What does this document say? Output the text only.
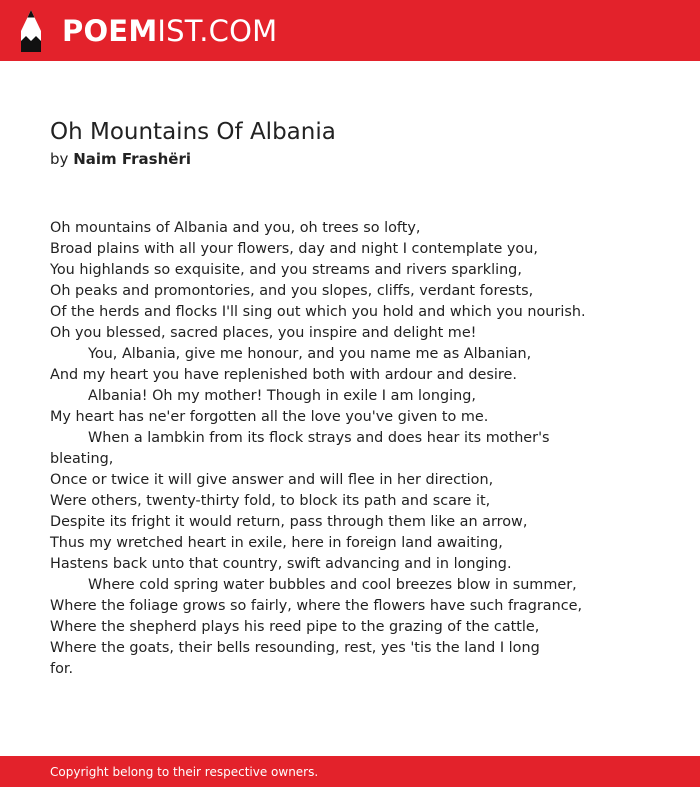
POEMIST.COM
Oh Mountains Of Albania

by Naim Frashëri

Oh mountains of Albania and you, oh trees so lofty,
Broad plains with all your flowers, day and night I contemplate you,
You highlands so exquisite, and you streams and rivers sparkling,
Oh peaks and promontories, and you slopes, cliffs, verdant forests,
Of the herds and flocks I'll sing out which you hold and which you nourish.
Oh you blessed, sacred places, you inspire and delight me!
You, Albania, give me honour, and you name me as Albanian,
And my heart you have replenished both with ardour and desire.
Albania! Oh my mother! Though in exile I am longing,
My heart has ne'er forgotten all the love you've given to me.
When a lambkin from its flock strays and does hear its mother's
bleating,
Once or twice it will give answer and will flee in her direction,
Were others, twenty-thirty fold, to block its path and scare it,
Despite its fright it would return, pass through them like an arrow,
Thus my wretched heart in exile, here in foreign land awaiting,
Hastens back unto that country, swift advancing and in longing.
Where cold spring water bubbles and cool breezes blow in summer,
Where the foliage grows so fairly, where the flowers have such fragrance,
Where the shepherd plays his reed pipe to the grazing of the cattle,
Where the goats, their bells resounding, rest, yes 'tis the land I long
for.

Copyright belong to their respective owners.
